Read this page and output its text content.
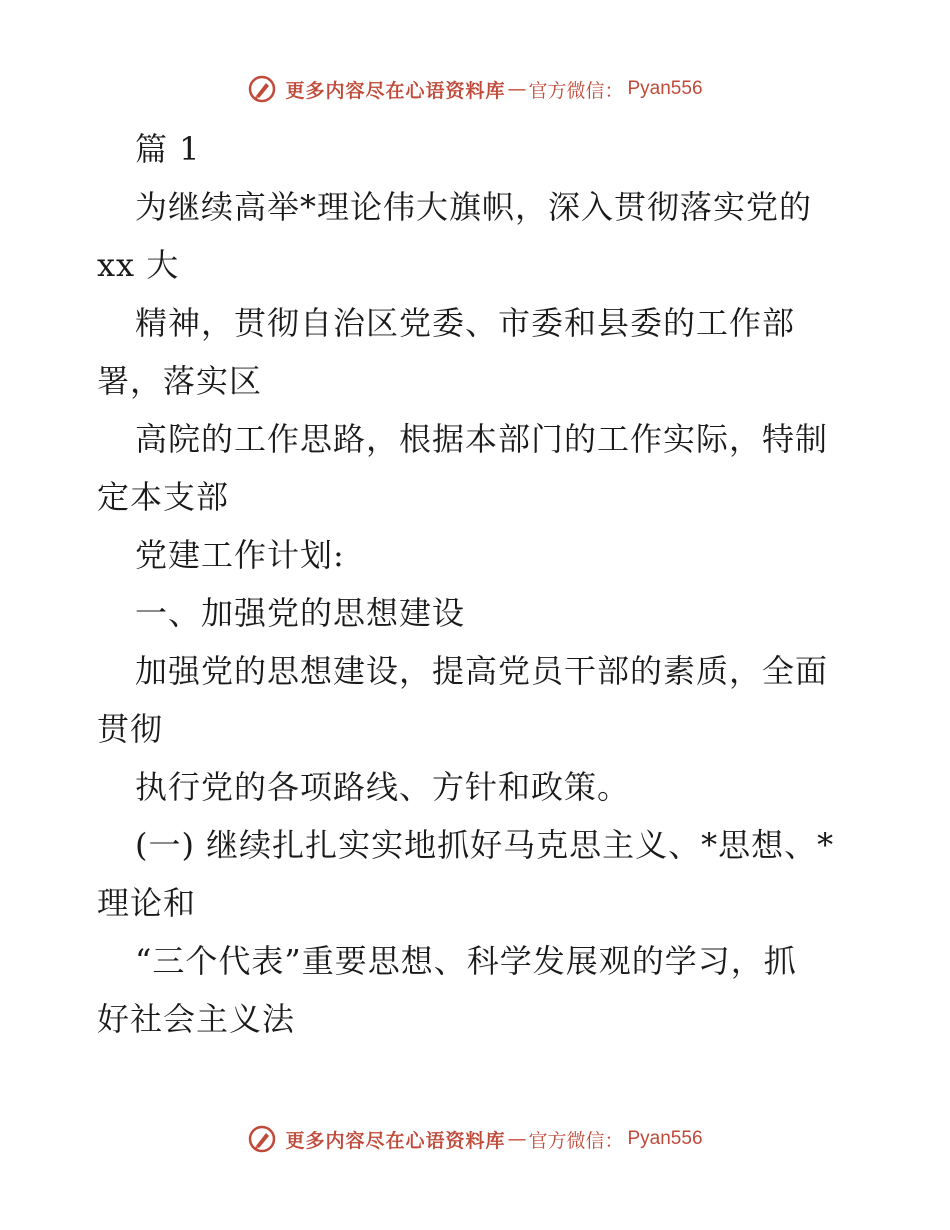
更多内容尽在心语资料库 — 官方微信： Pyan556
篇 1
为继续高举*理论伟大旗帜，深入贯彻落实党的
xx 大
精神，贯彻自治区党委、市委和县委的工作部
署，落实区
高院的工作思路，根据本部门的工作实际，特制
定本支部
党建工作计划:
一、加强党的思想建设
加强党的思想建设，提高党员干部的素质，全面
贯彻
执行党的各项路线、方针和政策。
(一) 继续扎扎实实地抓好马克思主义、*思想、*
理论和
“三个代表”重要思想、科学发展观的学习，抓
好社会主义法
更多内容尽在心语资料库 — 官方微信： Pyan556
